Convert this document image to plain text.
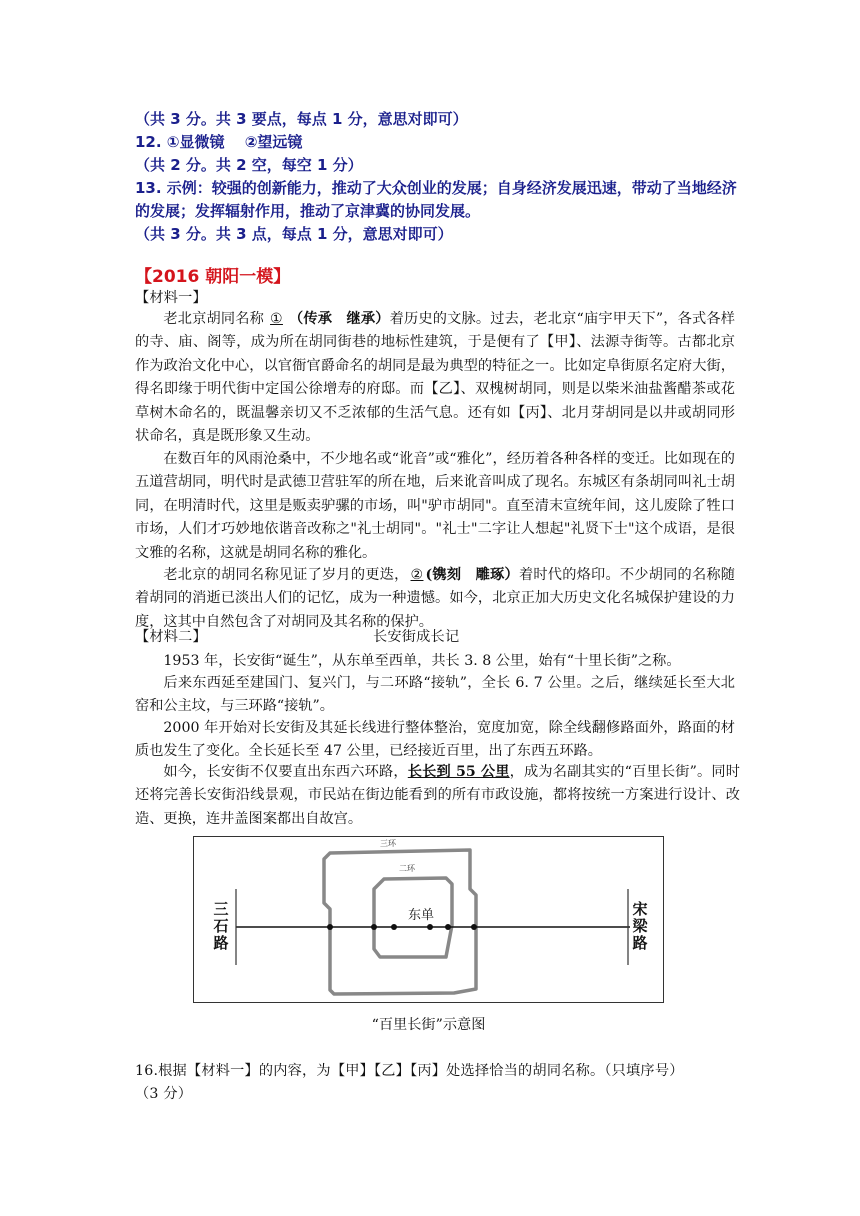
（共 3 分。共 3 要点，每点 1 分，意思对即可）
12. ①显微镜　 ②望远镜
（共 2 分。共 2 空，每空 1 分）
13. 示例：较强的创新能力，推动了大众创业的发展；自身经济发展迅速，带动了当地经济
的发展；发挥辐射作用，推动了京津冀的协同发展。
（共 3 分。共 3 点，每点 1 分，意思对即可）
【2016 朝阳一模】
【材料一】
老北京胡同名称 ① （传承　继承）着历史的文脉。过去，老北京“庙宇甲天下”，各式各样的寺、庙、阁等，成为所在胡同街巷的地标性建筑，于是便有了【甲】、法源寺街等。古都北京作为政治文化中心，以官衙官爵命名的胡同是最为典型的特征之一。比如定阜街原名定府大街，得名即缘于明代街中定国公徐增寿的府邸。而【乙】、双槐树胡同，则是以柴米油盐酱醋茶或花草树木命名的，既温馨亲切又不乏浓郁的生活气息。还有如【丙】、北月芽胡同是以井或胡同形状命名，真是既形象又生动。
在数百年的风雨沧桑中，不少地名或“讹音”或“雅化”，经历着各种各样的变迁。比如现在的五道营胡同，明代时是武德卫营驻军的所在地，后来讹音叫成了现名。东城区有条胡同叫礼士胡同，在明清时代，这里是贩卖驴骡的市场，叫"驴市胡同"。直至清末宣统年间，这儿废除了牲口市场，人们才巧妙地依谐音改称之"礼士胡同"。"礼士"二字让人想起"礼贤下士"这个成语，是很文雅的名称，这就是胡同名称的雅化。
老北京的胡同名称见证了岁月的更迭， ② (镌刻　雕琢）着时代的烙印。不少胡同的名称随着胡同的消逝已淡出人们的记忆，成为一种遗憾。如今，北京正加大历史文化名城保护建设的力度，这其中自然包含了对胡同及其名称的保护。
【材料二】	长安街成长记
1953 年，长安街“诞生”，从东单至西单，共长 3. 8 公里，始有“十里长街”之称。
后来东西延至建国门、复兴门，与二环路“接轨”，全长 6. 7 公里。之后，继续延长至大北窑和公主坟，与三环路“接轨”。
2000 年开始对长安街及其延长线进行整体整治，宽度加宽，除全线翻修路面外，路面的材质也发生了变化。全长延长至 47 公里，已经接近百里，出了东西五环路。
如今，长安街不仅要直出东西六环路，长长到 55 公里，成为名副其实的“百里长街”。同时还将完善长安街沿线景观，市民站在街边能看到的所有市政设施，都将按统一方案进行设计、改造、更换，连井盖图案都出自故宫。
三环
二环
东单
三
石
路
宋
梁
路
“百里长街”示意图
16.根据【材料一】的内容，为【甲】【乙】【丙】处选择恰当的胡同名称。（只填序号）
（3 分）
